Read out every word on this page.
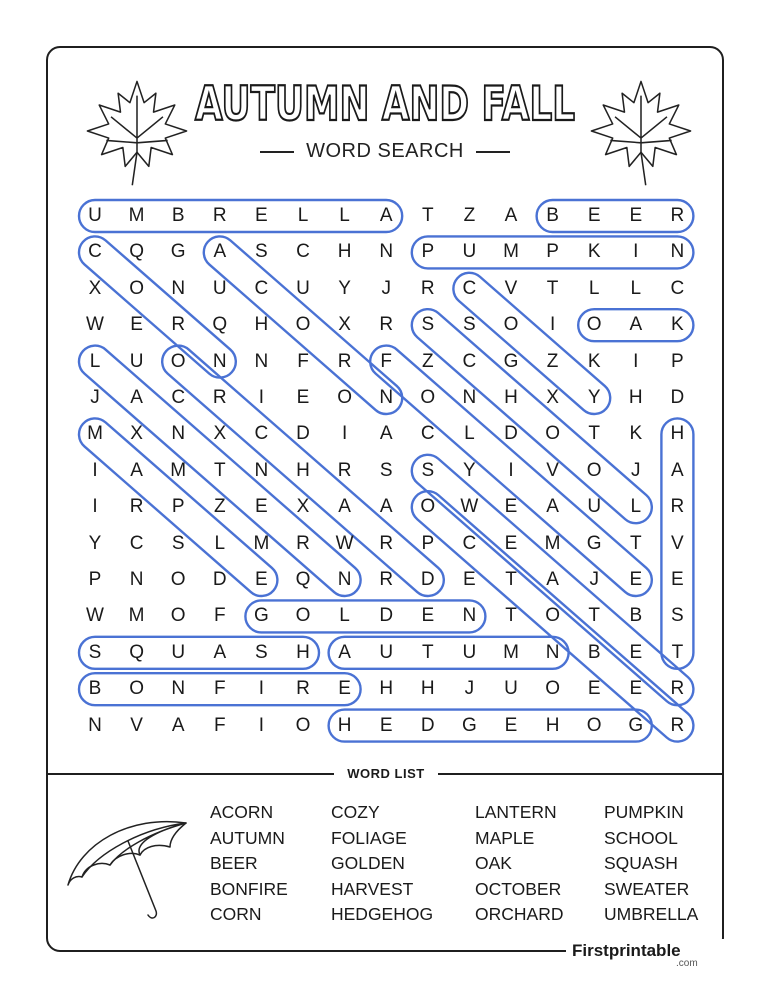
AUTUMN AND FALL
WORD SEARCH
U	M	B	R	E	L	L	A	T	Z	A	B	E	E	R
C	Q	G	A	S	C	H	N	P	U	M	P	K	I	N
X	O	N	U	C	U	Y	J	R	C	V	T	L	L	C
W	E	R	Q	H	O	X	R	S	S	O	I	O	A	K
L	U	O	N	N	F	R	F	Z	C	G	Z	K	I	P
J	A	C	R	I	E	O	N	O	N	H	X	Y	H	D
M	X	N	X	C	D	I	A	C	L	D	O	T	K	H
I	A	M	T	N	H	R	S	S	Y	I	V	O	J	A
I	R	P	Z	E	X	A	A	O	W	E	A	U	L	R
Y	C	S	L	M	R	W	R	P	C	E	M	G	T	V
P	N	O	D	E	Q	N	R	D	E	T	A	J	E	E
W	M	O	F	G	O	L	D	E	N	T	O	T	B	S
S	Q	U	A	S	H	A	U	T	U	M	N	B	E	T
B	O	N	F	I	R	E	H	H	J	U	O	E	E	R
N	V	A	F	I	O	H	E	D	G	E	H	O	G	R
WORD LIST
ACORN
AUTUMN
BEER
BONFIRE
CORN
COZY
FOLIAGE
GOLDEN
HARVEST
HEDGEHOG
LANTERN
MAPLE
OAK
OCTOBER
ORCHARD
PUMPKIN
SCHOOL
SQUASH
SWEATER
UMBRELLA
Firstprintable
.com
